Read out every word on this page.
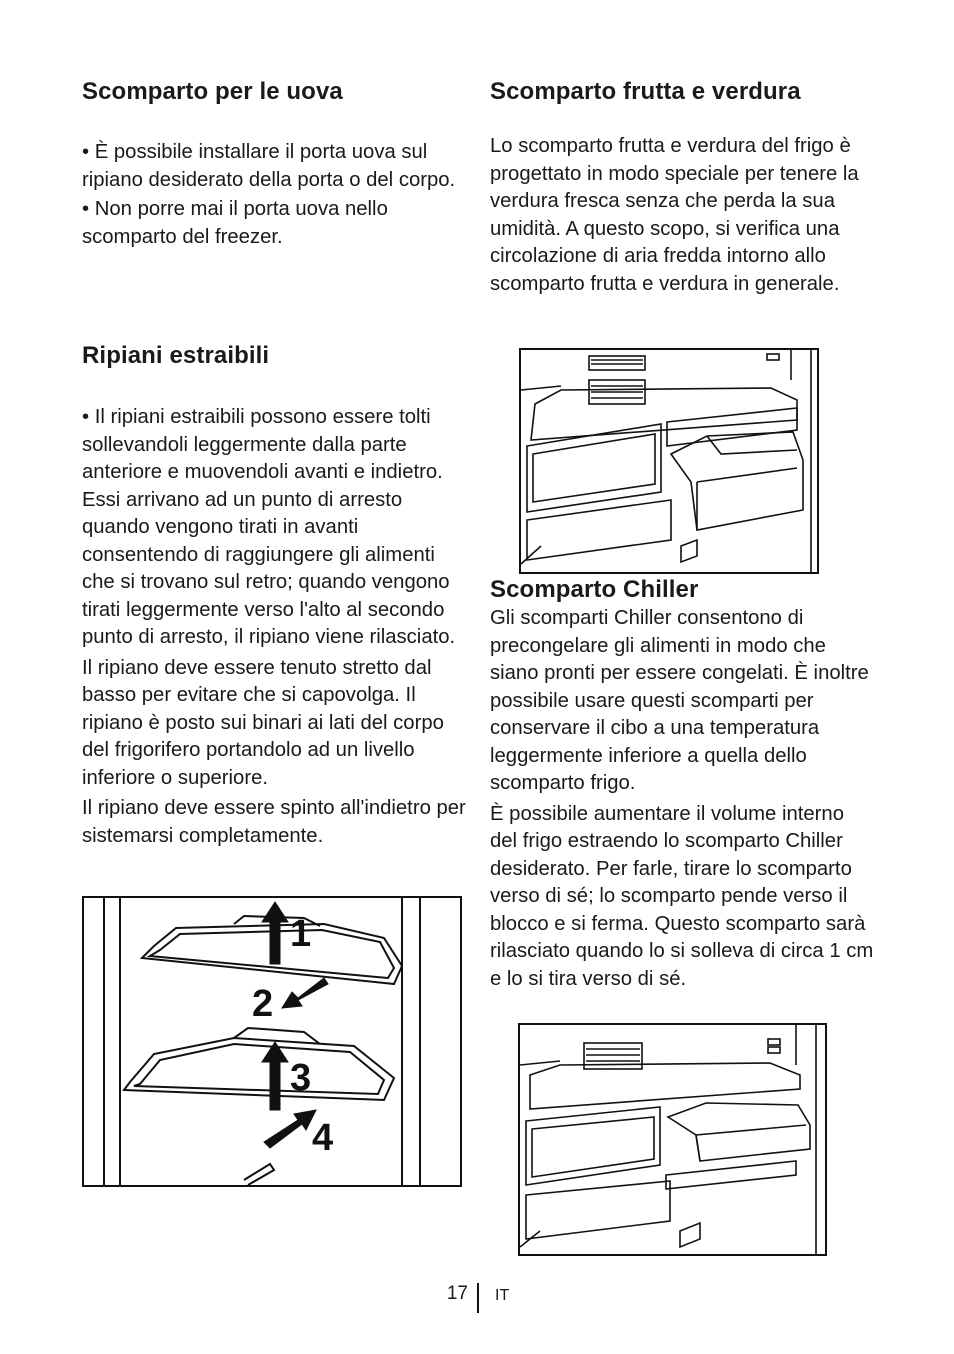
Scomparto per le uova

• È possibile installare il porta uova sul ripiano desiderato della porta o del corpo.

• Non porre mai il porta uova nello scomparto del freezer.

Ripiani estraibili

• Il ripiani estraibili possono essere tolti sollevandoli leggermente dalla parte anteriore e muovendoli avanti e indietro. Essi arrivano ad un punto di arresto quando vengono tirati in avanti consentendo di raggiungere gli alimenti che si trovano sul retro; quando vengono tirati leggermente verso l'alto al secondo punto di arresto, il ripiano viene rilasciato.

Il ripiano deve essere tenuto stretto dal basso per evitare che si capovolga. Il ripiano è posto sui binari ai lati del corpo del frigorifero portandolo ad un livello inferiore o superiore.

Il ripiano deve essere spinto all'indietro per sistemarsi completamente.

1
2
3
4
Scomparto frutta e verdura

Lo scomparto frutta e verdura del frigo è progettato in modo speciale per tenere la verdura fresca senza che perda la sua umidità. A questo scopo, si verifica una circolazione di aria fredda intorno allo scomparto frutta e verdura in generale.

Scomparto Chiller

Gli scomparti Chiller consentono di precongelare gli alimenti in modo che siano pronti per essere congelati. È inoltre possibile usare questi scomparti per conservare il cibo a una temperatura leggermente inferiore a quella dello scomparto frigo.

È possibile aumentare il volume interno del frigo estraendo lo scomparto Chiller desiderato. Per farle, tirare lo scomparto verso di sé; lo scomparto pende verso il blocco e si ferma. Questo scomparto sarà rilasciato quando lo si solleva di circa 1 cm e lo si tira verso di sé.

17 IT
